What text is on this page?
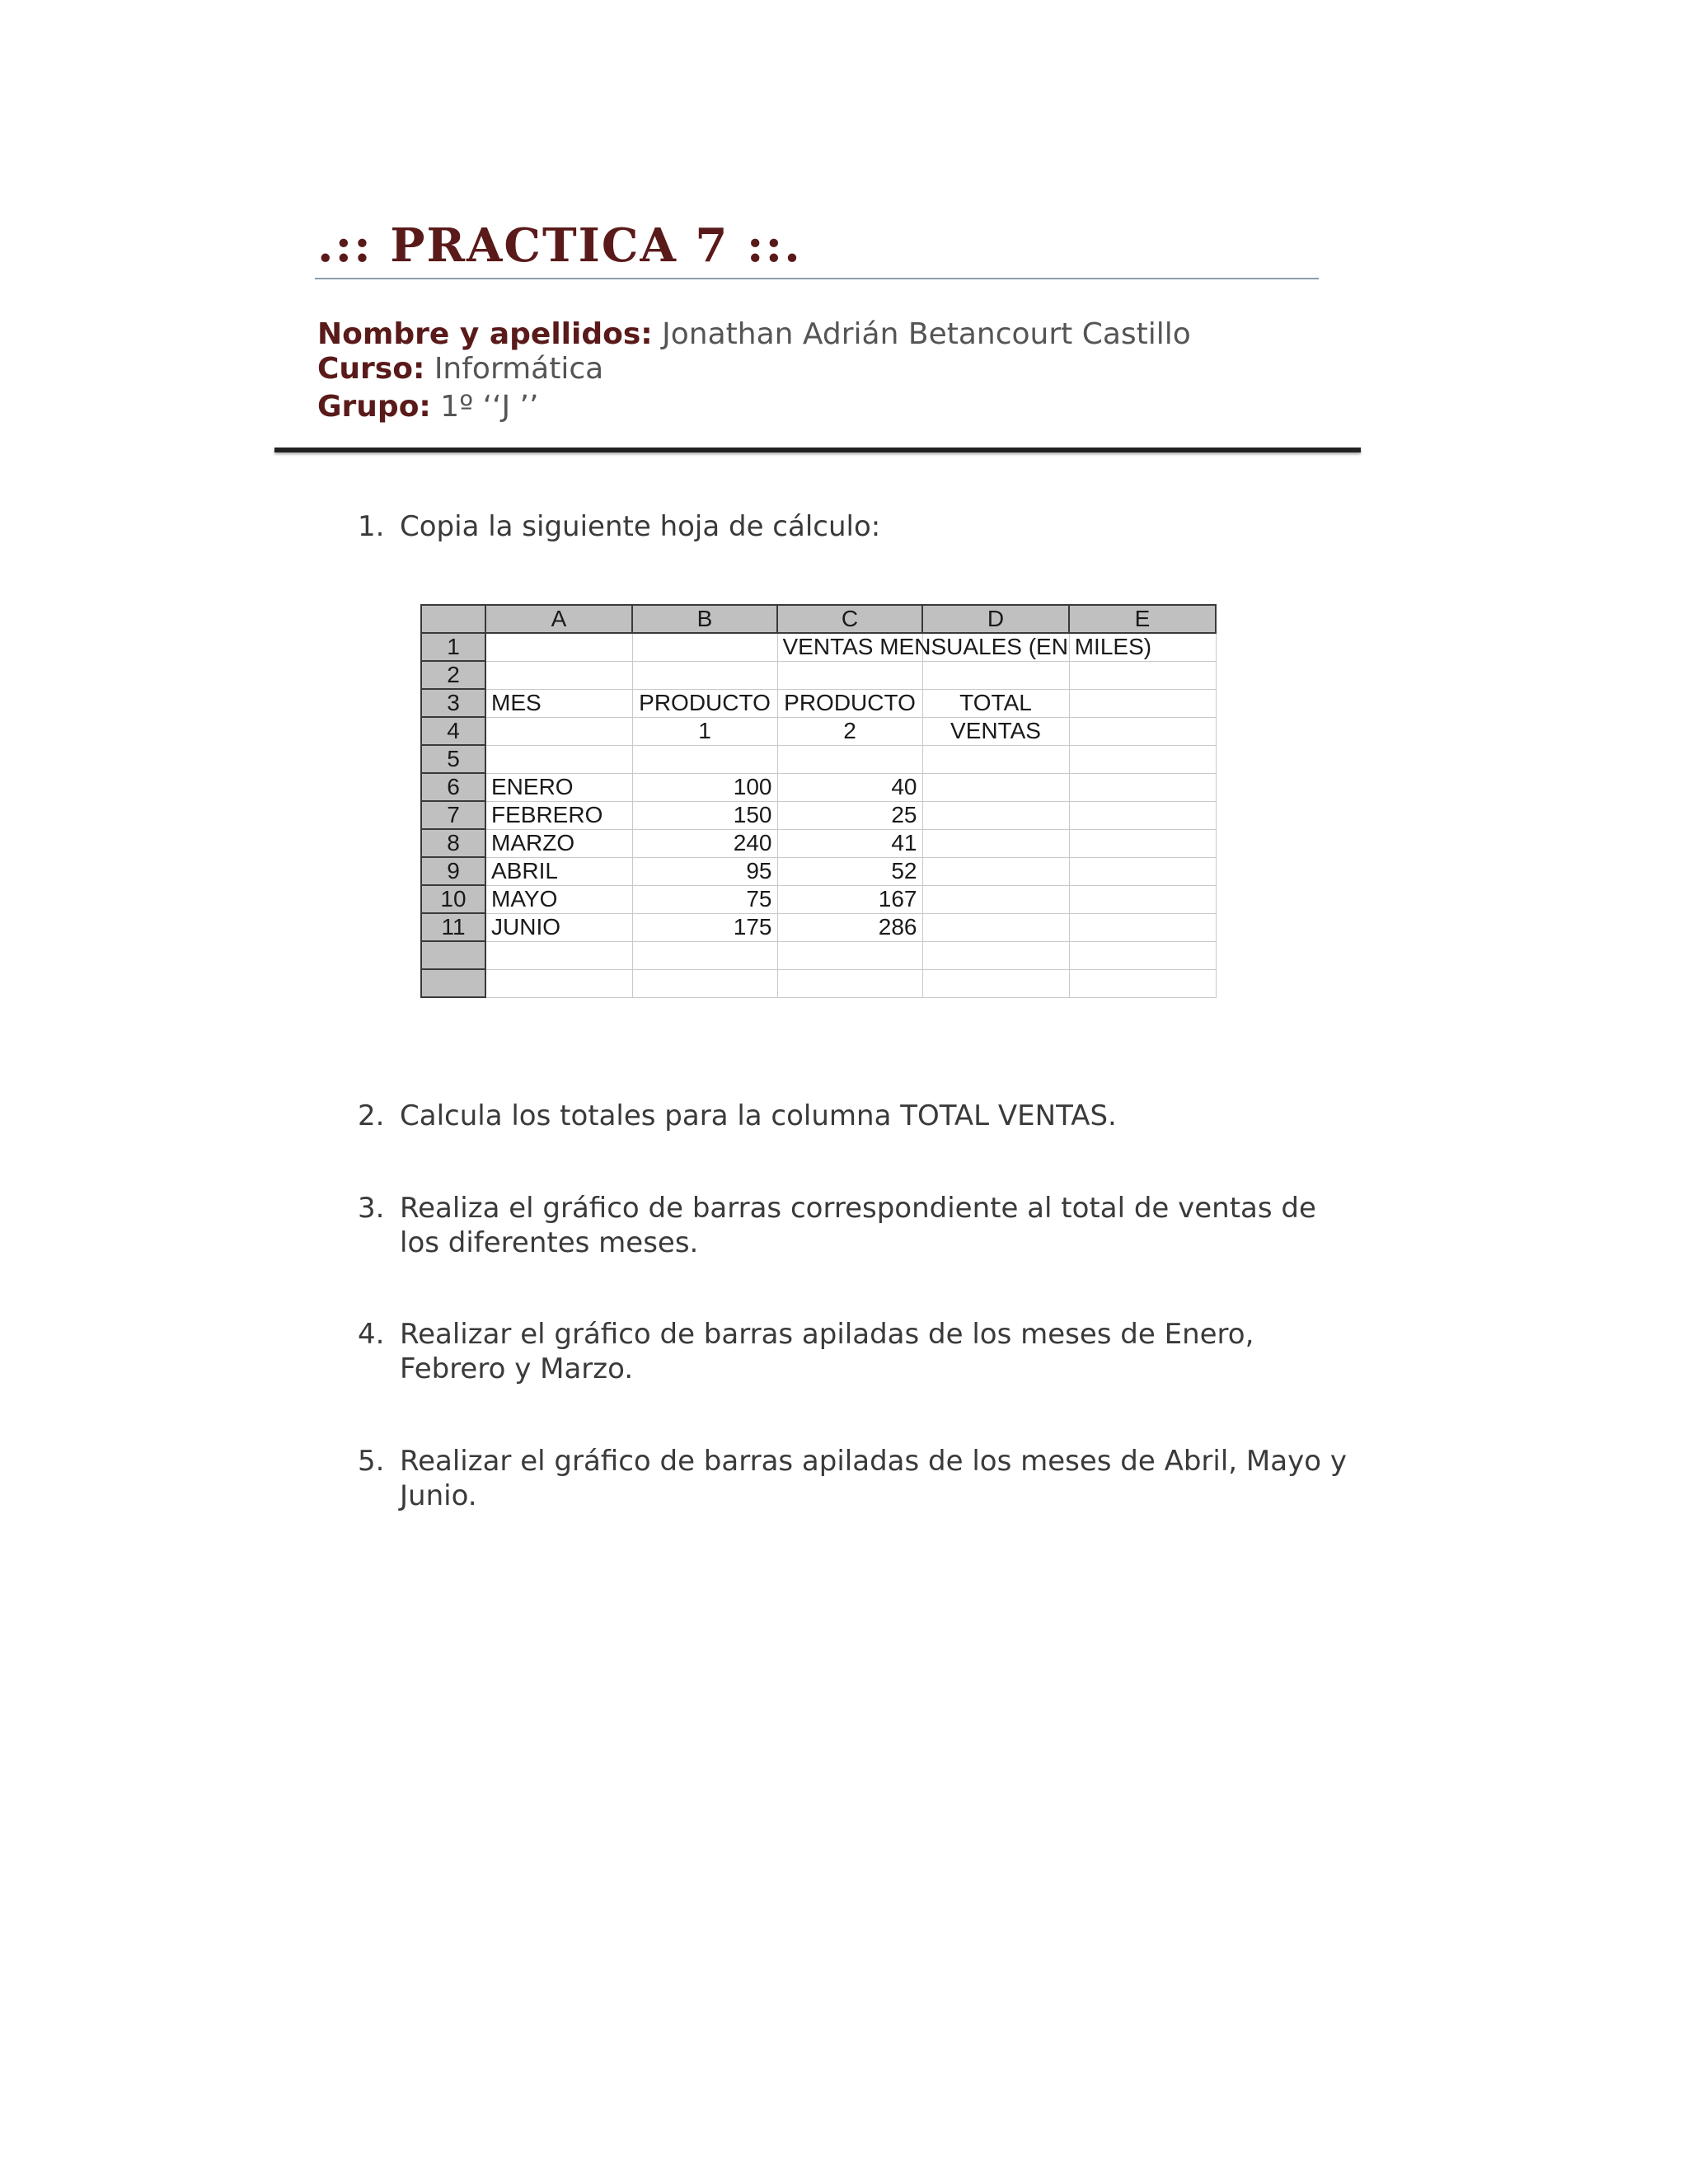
.:: PRACTICA 7 ::.
Nombre y apellidos: Jonathan Adrián Betancourt Castillo
Curso: Informática
Grupo: 1º ‘‘J ’’
1. Copia la siguiente hoja de cálculo:
	A	B	C	D	E
1			VENTAS MENSUALES (EN MILES)		

2					
3	MES	PRODUCTO	PRODUCTO	TOTAL	
4		1	2	VENTAS	
5					
6	ENERO	100	40		
7	FEBRERO	150	25		
8	MARZO	240	41		
9	ABRIL	95	52		
10	MAYO	75	167		
11	JUNIO	175	286		

2. Calcula los totales para la columna TOTAL VENTAS.
3. Realiza el gráfico de barras correspondiente al total de ventas de los diferentes meses.
4. Realizar el gráfico de barras apiladas de los meses de Enero, Febrero y Marzo.
5. Realizar el gráfico de barras apiladas de los meses de Abril, Mayo y Junio.
